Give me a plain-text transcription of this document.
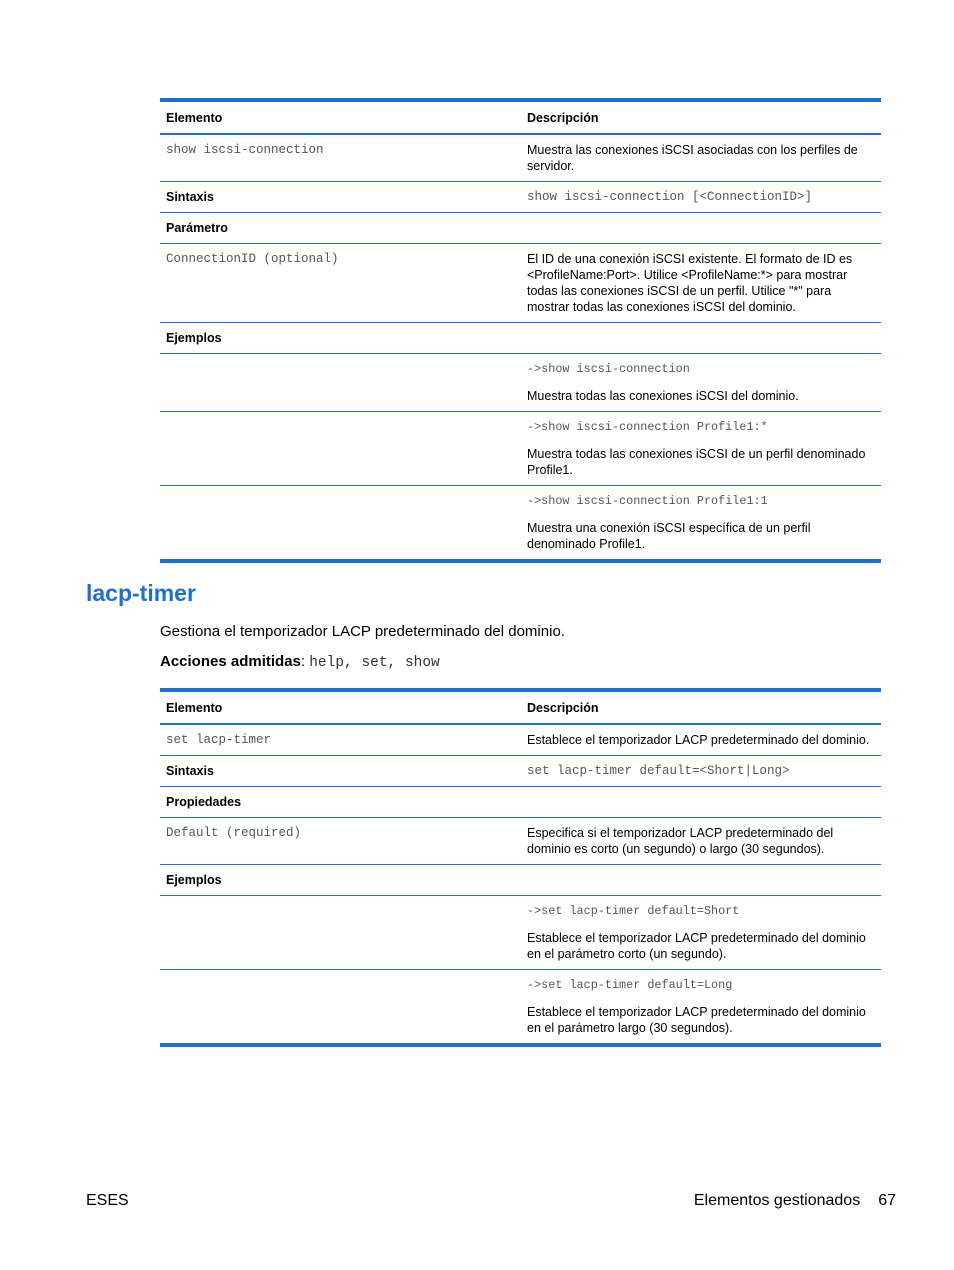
Elemento	Descripción
show iscsi-connection	Muestra las conexiones iSCSI asociadas con los perfiles de servidor.
Sintaxis	show iscsi-connection [<ConnectionID>]
Parámetro	
ConnectionID (optional)	El ID de una conexión iSCSI existente. El formato de ID es <ProfileName:Port>. Utilice <ProfileName:*> para mostrar todas las conexiones iSCSI de un perfil. Utilice "*" para mostrar todas las conexiones iSCSI del dominio.
Ejemplos	

	->show iscsi-connection
Muestra todas las conexiones iSCSI del dominio.

	->show iscsi-connection Profile1:*
Muestra todas las conexiones iSCSI de un perfil denominado Profile1.

	->show iscsi-connection Profile1:1
Muestra una conexión iSCSI específica de un perfil denominado Profile1.
lacp-timer

Gestiona el temporizador LACP predeterminado del dominio.

Acciones admitidas: help, set, show

Elemento	Descripción
set lacp-timer	Establece el temporizador LACP predeterminado del dominio.
Sintaxis	set lacp-timer default=<Short|Long>
Propiedades	
Default (required)	Especifica si el temporizador LACP predeterminado del dominio es corto (un segundo) o largo (30 segundos).
Ejemplos	

	->set lacp-timer default=Short
Establece el temporizador LACP predeterminado del dominio en el parámetro corto (un segundo).

	->set lacp-timer default=Long
Establece el temporizador LACP predeterminado del dominio en el parámetro largo (30 segundos).
ESES	Elementos gestionados 67
